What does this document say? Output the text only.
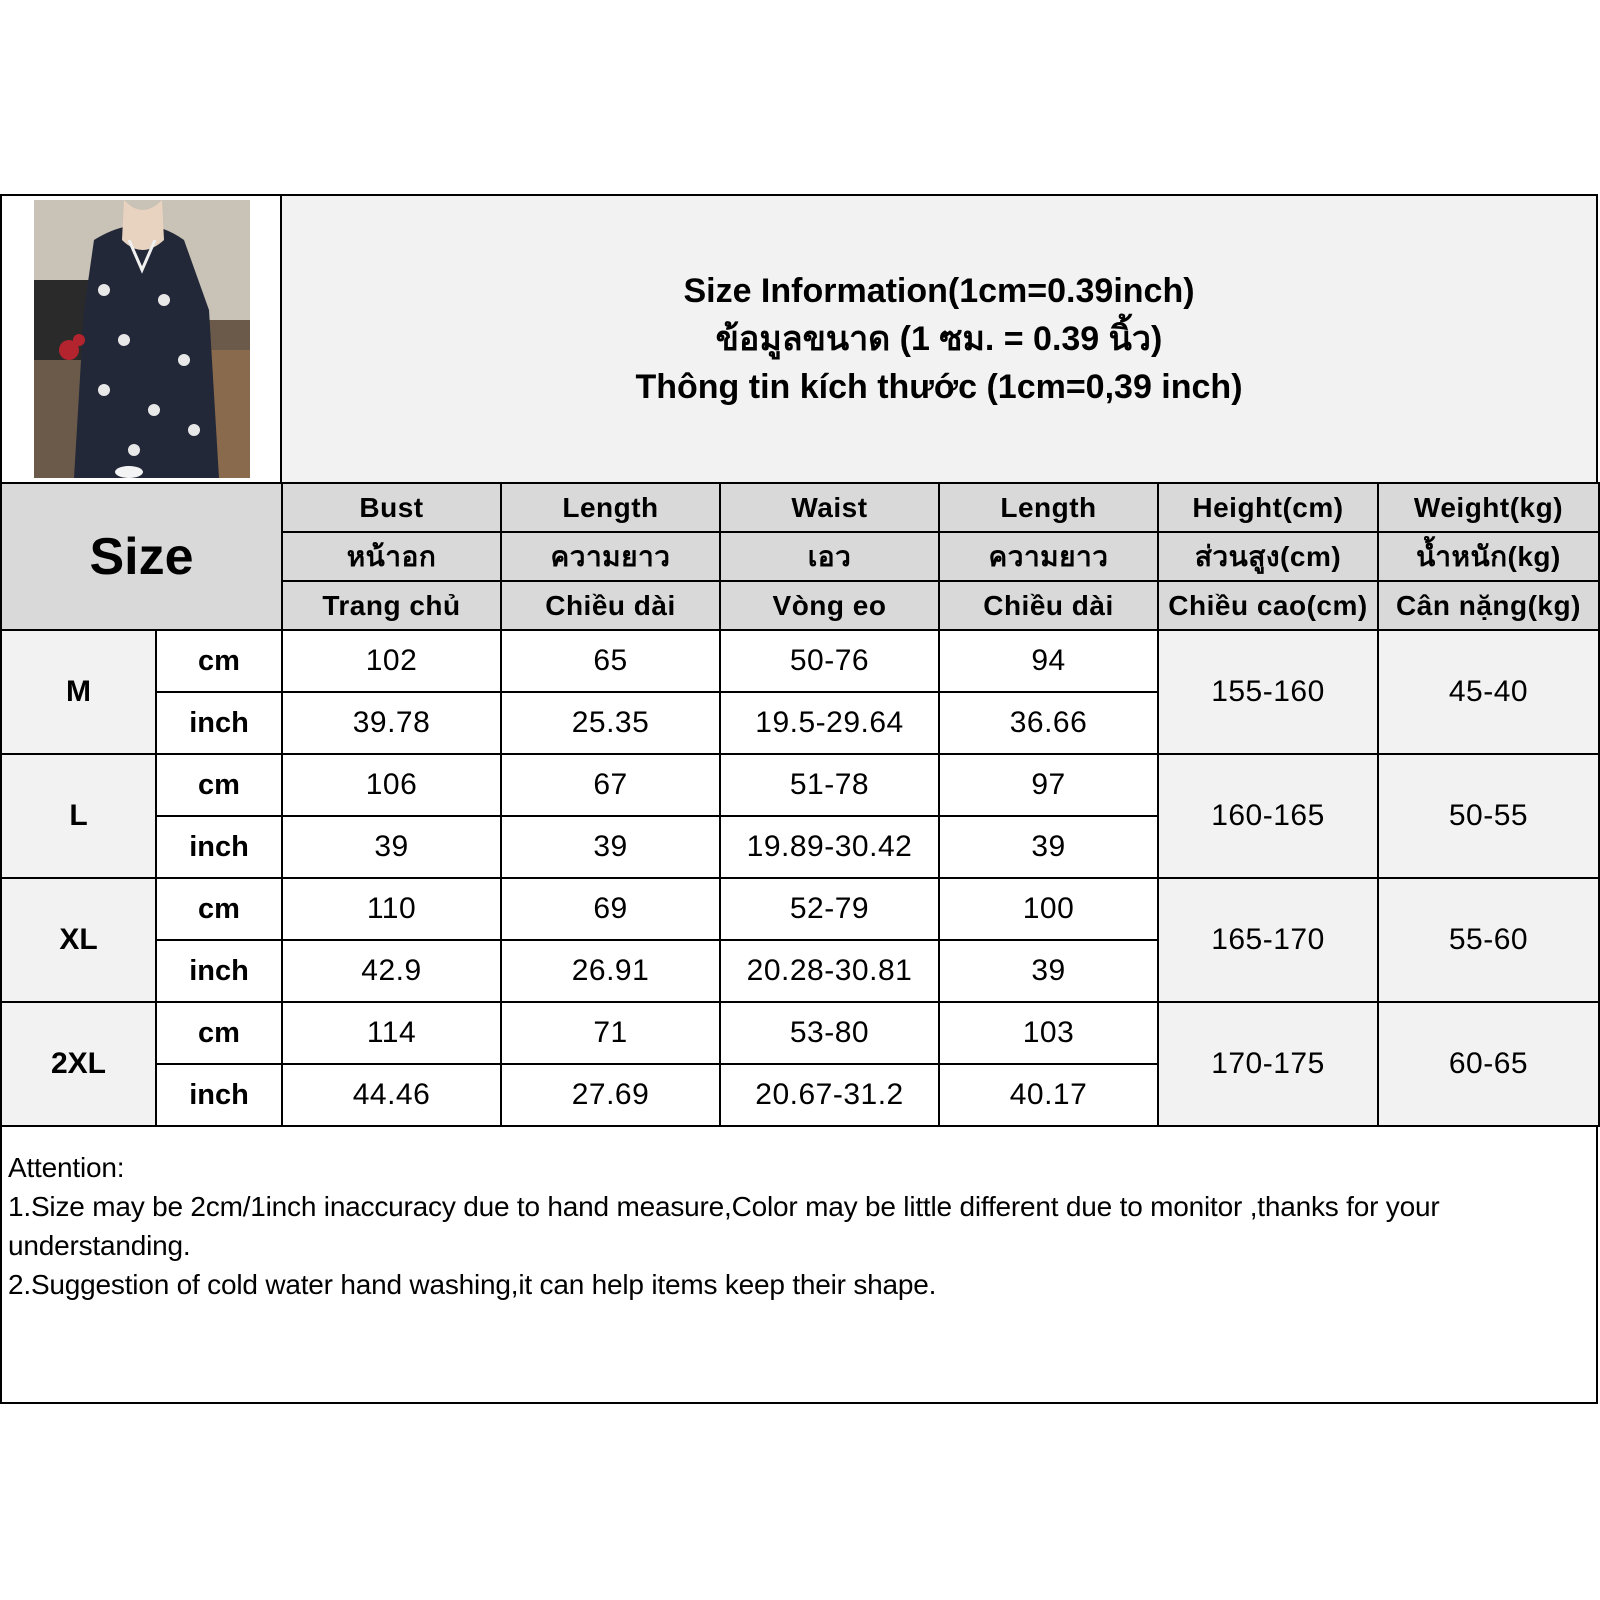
Size Information(1cm=0.39inch)
ข้อมูลขนาด (1 ซม. = 0.39 นิ้ว)
Thông tin kích thước (1cm=0,39 inch)
Size		Bust	Length	Waist	Length	Height(cm)	Weight(kg)
		หน้าอก	ความยาว	เอว	ความยาว	ส่วนสูง(cm)	น้ำหนัก(kg)
		Trang chủ	Chiều dài	Vòng eo	Chiều dài	Chiều cao(cm)	Cân nặng(kg)
M	cm	102	65	50-76	94	155-160	45-40
	inch	39.78	25.35	19.5-29.64	36.66		
L	cm	106	67	51-78	97	160-165	50-55
	inch	39	39	19.89-30.42	39		
XL	cm	110	69	52-79	100	165-170	55-60
	inch	42.9	26.91	20.28-30.81	39		
2XL	cm	114	71	53-80	103	170-175	60-65
	inch	44.46	27.69	20.67-31.2	40.17		

Attention:

1.Size may be 2cm/1inch inaccuracy due to hand measure,Color may be little different due to monitor ,thanks for your understanding.

2.Suggestion of cold water hand washing,it can help items keep their shape.
